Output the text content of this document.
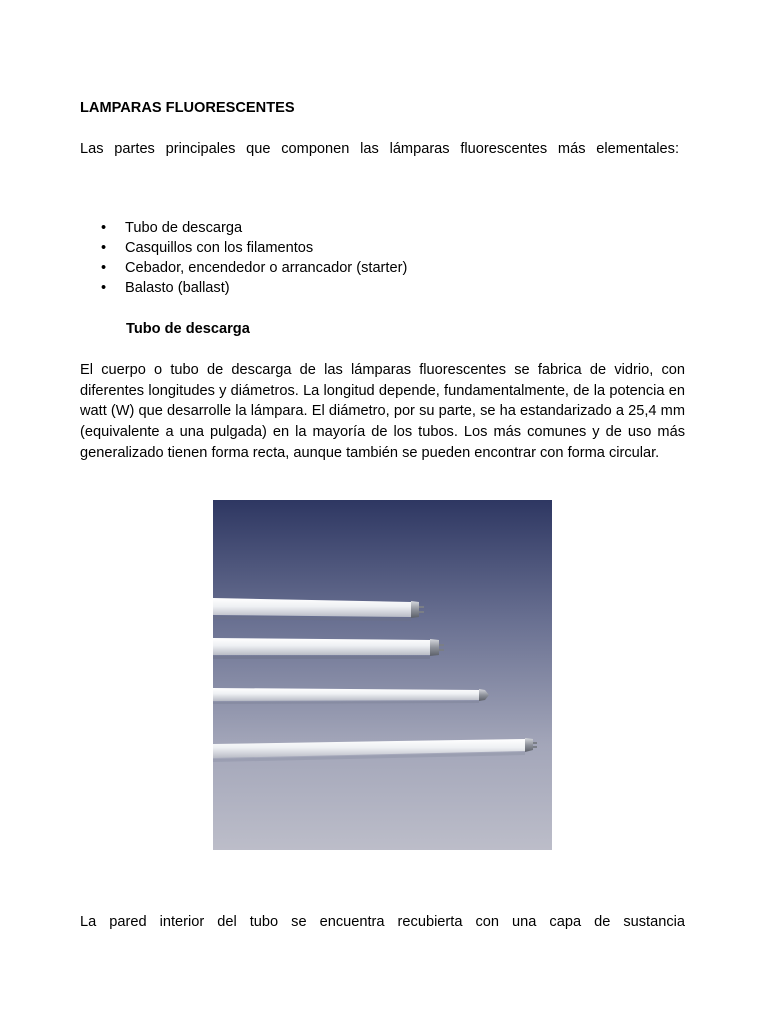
LAMPARAS FLUORESCENTES

Las partes principales que componen las lámparas fluorescentes más elementales:

• Tubo de descarga
• Casquillos con los filamentos
• Cebador, encendedor o arrancador (starter)
• Balasto (ballast)
Tubo de descarga

El cuerpo o tubo de descarga de las lámparas fluorescentes se fabrica de vidrio, con diferentes longitudes y diámetros. La longitud depende, fundamentalmente, de la potencia en watt (W) que desarrolle la lámpara. El diámetro, por su parte, se ha estandarizado a 25,4 mm (equivalente a una pulgada) en la mayoría de los tubos. Los más comunes y de uso más generalizado tienen forma recta, aunque también se pueden encontrar con forma circular.

La pared interior del tubo se encuentra recubierta con una capa de sustancia
